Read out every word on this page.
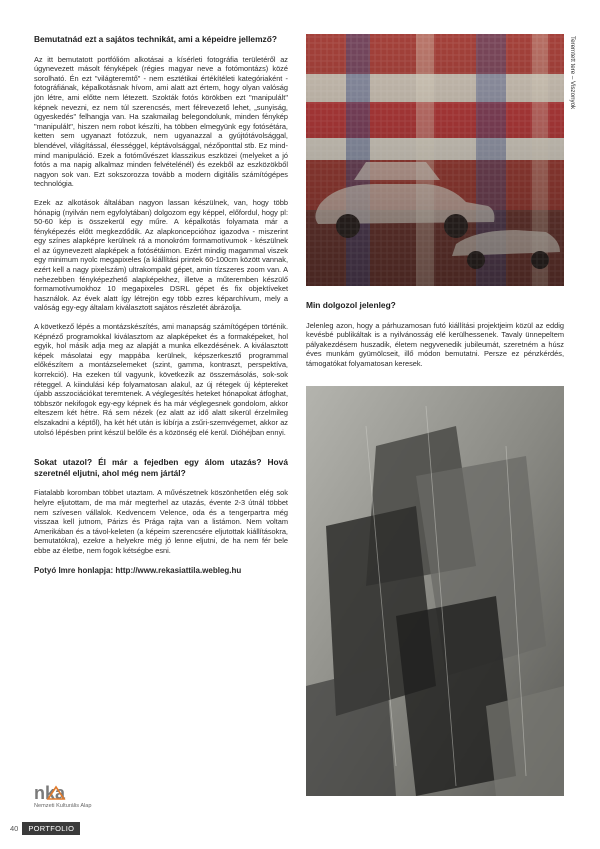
Bemutatnád ezt a sajátos technikát, ami a képeidre jellemző?
Az itt bemutatott portfólióm alkotásai a kísérleti fotográfia területéről az úgynevezett másolt fényképek (régies magyar neve a fotómontázs) közé sorolható. Én ezt "világteremtő" - nem esztétikai értékítéleti kategóriaként - fotográfiának, képalkotásnak hívom, ami alatt azt értem, hogy olyan valóság jön létre, ami előtte nem létezett. Szokták fotós körökben ezt "manipulált" képnek nevezni, ez nem túl szerencsés, mert félrevezető lehet, „sunyiság, ügyeskedés" felhangja van. Ha szakmailag belegondolunk, minden fénykép "manipulált", hiszen nem robot készíti, ha többen elmegyünk egy fotósétára, ketten sem ugyanazt fotózzuk, nem ugyanazzal a gyújtótávolsággal, blendével, világítással, élességgel, képtávolsággal, nézőponttal stb. Ez mind-mind manipuláció. Ezek a fotóművészet klasszikus eszközei (melyeket a jó fotós a ma napig alkalmaz minden felvételénél) és ezekből az eszközökből nagyon sok van. Ezt sokszorozza tovább a modern digitális számítógépes technológia.
Ezek az alkotások általában nagyon lassan készülnek, van, hogy több hónapig (nyilván nem egyfolytában) dolgozom egy képpel, előfordul, hogy pl: 50-60 kép is összekerül egy műre. A képalkotás folyamata már a fényképezés előtt megkezdődik. Az alapkoncepcióhoz igazodva - miszerint egy színes alapképre kerülnek rá a monokróm formamotívumok - készülnek el az úgynevezett alapképek a fotósétáimon. Ezért mindig magammal viszek egy minimum nyolc megapixeles (a kiállítási printek 60-100cm között vannak, ezért kell a nagy pixelszám) ultrakompakt gépet, amin tízszeres zoom van. A nehezebben fényképezhető alapképekhez, illetve a műteremben készülő formamotívumokhoz 10 megapixeles DSRL gépet és fix objektíveket használok. Az évek alatt így létrejön egy több ezres képarchívum, mely a valóság egy-egy általam kiválasztott sajátos részletét ábrázolja.
A következő lépés a montázskészítés, ami manapság számítógépen történik. Képnéző programokkal kiválasztom az alapképeket és a formaképeket, hol egyik, hol másik adja meg az alapját a munka elkezdésének. A kiválasztott képek másolatai egy mappába kerülnek, képszerkesztő programmal előkészítem a montázselemeket (szint, gamma, kontraszt, perspektíva, korrekció). Ha ezeken túl vagyunk, következik az összemásolás, sok-sok réteggel. A kiindulási kép folyamatosan alakul, az új rétegek új képtereket újabb asszociációkat teremtenek. A véglegesítés heteket hónapokat átfoghat, többször nekifogok egy-egy képnek és ha már véglegesnek gondolom, akkor elteszem két hétre. Rá sem nézek (ez alatt az idő alatt sikerül érzelmileg elszakadni a képtől), ha két hét után is kibírja a zsűri-szemvégemet, akkor az utolsó lépésben print készül belőle és a közönség elé kerül. Dióhéjban ennyi.
Sokat utazol? Él már a fejedben egy álom utazás? Hová szeretnél eljutni, ahol még nem jártál?
Fiatalabb koromban többet utaztam. A művészetnek köszönhetően elég sok helyre eljutottam, de ma már megterhel az utazás, évente 2-3 útnál többet nem szívesen vállalok. Kedvencem Velence, oda és a tengerpartra még visszaa kell jutnom, Párizs és Prága rajta van a listámon. Nem voltam Amerikában és a távol-keleten (a képeim szerencsére eljutottak kiállításokra, bemutatókra), ezekre a helyekre még jó lenne eljutni, de ha nem fér bele ebbe az életbe, nem fogok kétségbe esni.
Potyó Imre honlapja: http://www.rekasiattila.webleg.hu
Teremtett tere – Viszonyok
Min dolgozol jelenleg?
Jelenleg azon, hogy a párhuzamosan futó kiállítási projektjeim közül az eddig kevésbé publikáltak is a nyilvánosság elé kerülhessenek. Tavaly ünnepeltem pályakezdésem huszadik, életem negyvenedik jubileumát, szeretném a húsz éves munkám gyümölcseit, illő módon bemutatni. Persze ez pénzkérdés, támogatókat folyamatosan keresek.
nka
Nemzeti Kulturális Alap
40	PORTFOLIO
